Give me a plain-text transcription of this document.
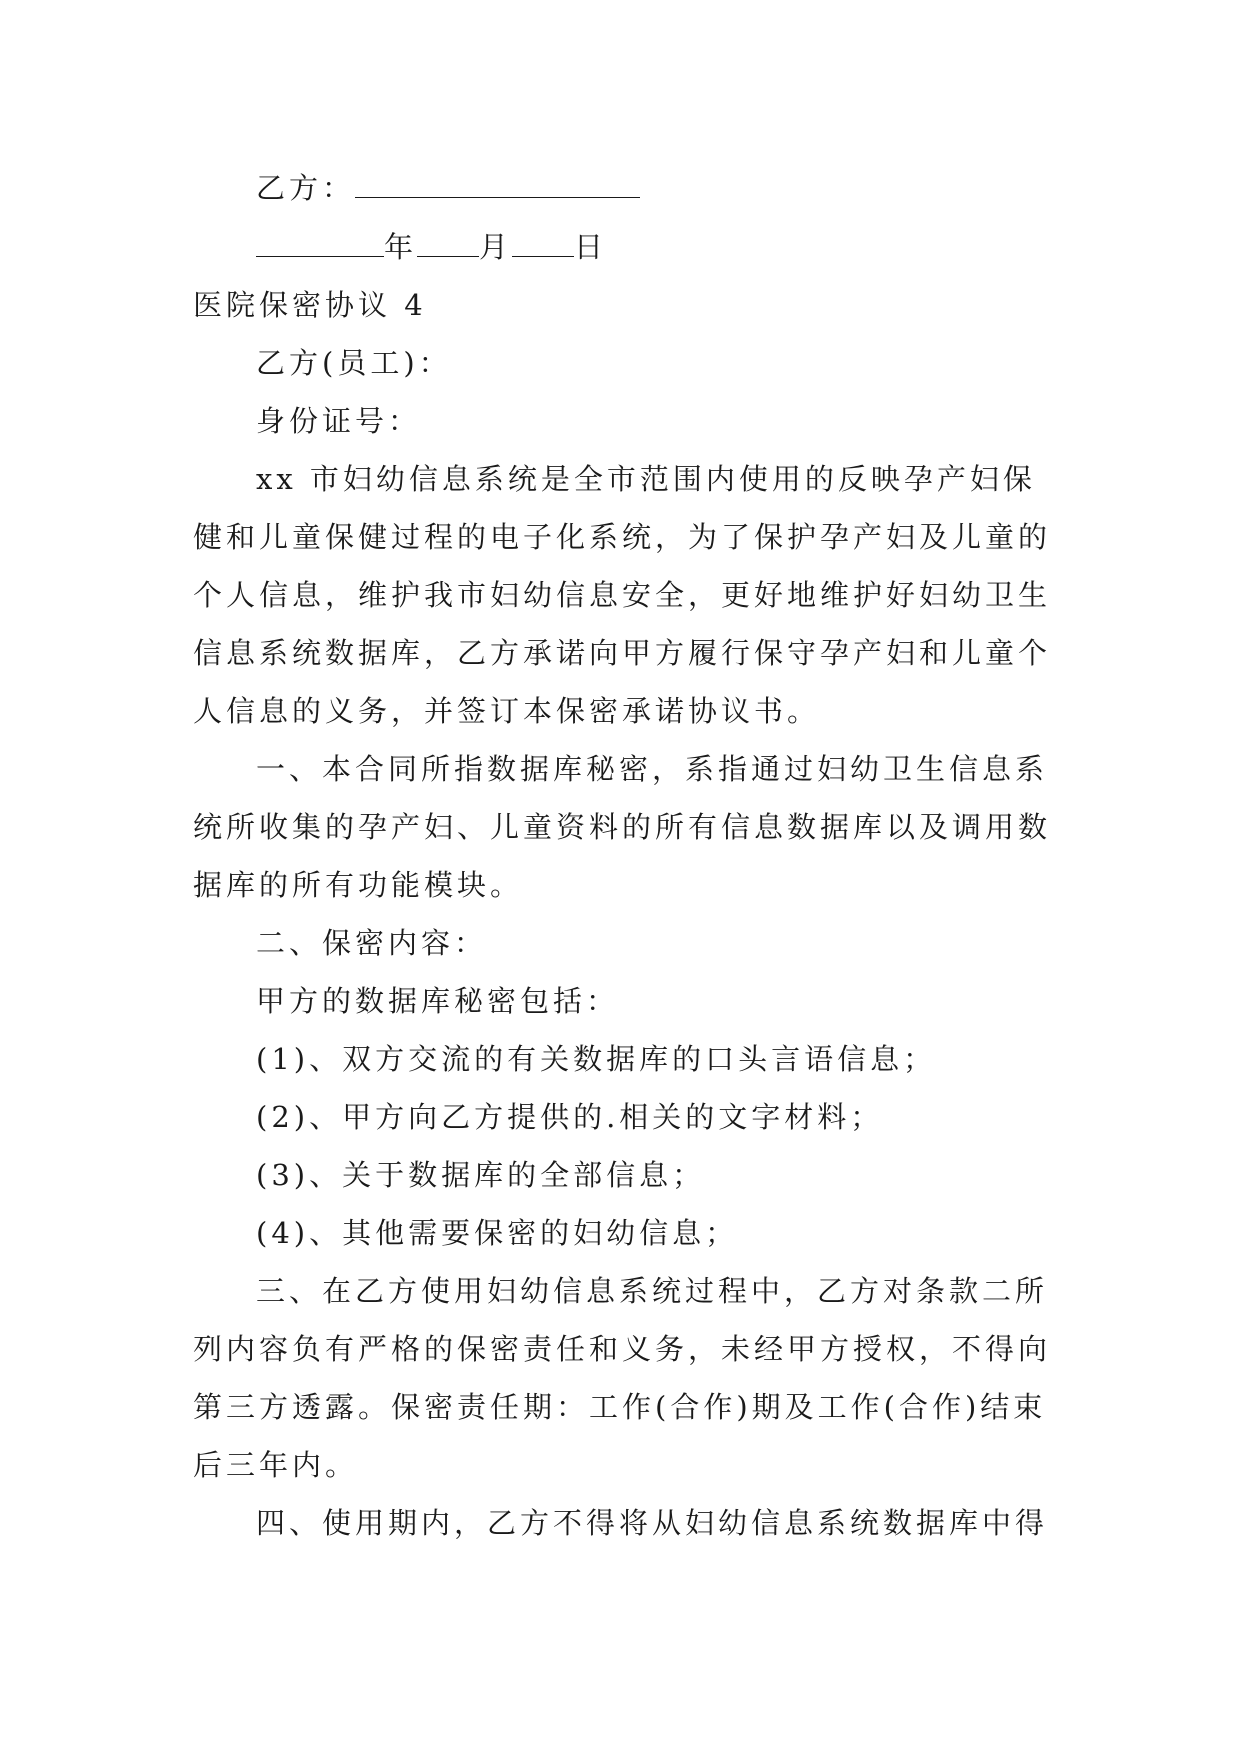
乙方：
年 月 日
医院保密协议 4
乙方(员工)：
身份证号：
xx 市妇幼信息系统是全市范围内使用的反映孕产妇保
健和儿童保健过程的电子化系统，为了保护孕产妇及儿童的
个人信息，维护我市妇幼信息安全，更好地维护好妇幼卫生
信息系统数据库，乙方承诺向甲方履行保守孕产妇和儿童个
人信息的义务，并签订本保密承诺协议书。
一、本合同所指数据库秘密，系指通过妇幼卫生信息系
统所收集的孕产妇、儿童资料的所有信息数据库以及调用数
据库的所有功能模块。
二、保密内容：
甲方的数据库秘密包括：
(1)、双方交流的有关数据库的口头言语信息；
(2)、甲方向乙方提供的.相关的文字材料；
(3)、关于数据库的全部信息；
(4)、其他需要保密的妇幼信息；
三、在乙方使用妇幼信息系统过程中，乙方对条款二所
列内容负有严格的保密责任和义务，未经甲方授权，不得向
第三方透露。保密责任期：工作(合作)期及工作(合作)结束
后三年内。
四、使用期内，乙方不得将从妇幼信息系统数据库中得
